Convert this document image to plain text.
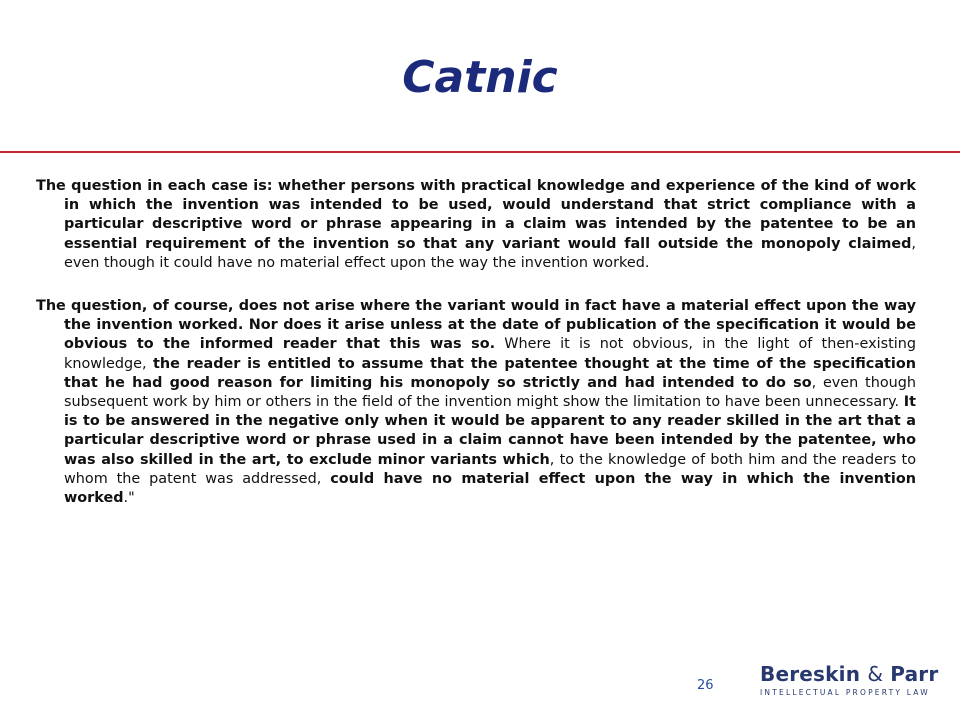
Catnic

The question in each case is: whether persons with practical knowledge and experience of the kind of work in which the invention was intended to be used, would understand that strict compliance with a particular descriptive word or phrase appearing in a claim was intended by the patentee to be an essential requirement of the invention so that any variant would fall outside the monopoly claimed, even though it could have no material effect upon the way the invention worked.

The question, of course, does not arise where the variant would in fact have a material effect upon the way the invention worked. Nor does it arise unless at the date of publication of the specification it would be obvious to the informed reader that this was so. Where it is not obvious, in the light of then-existing knowledge, the reader is entitled to assume that the patentee thought at the time of the specification that he had good reason for limiting his monopoly so strictly and had intended to do so, even though subsequent work by him or others in the field of the invention might show the limitation to have been unnecessary. It is to be answered in the negative only when it would be apparent to any reader skilled in the art that a particular descriptive word or phrase used in a claim cannot have been intended by the patentee, who was also skilled in the art, to exclude minor variants which, to the knowledge of both him and the readers to whom the patent was addressed, could have no material effect upon the way in which the invention worked."

26 Bereskin & Parr
INTELLECTUAL PROPERTY LAW
